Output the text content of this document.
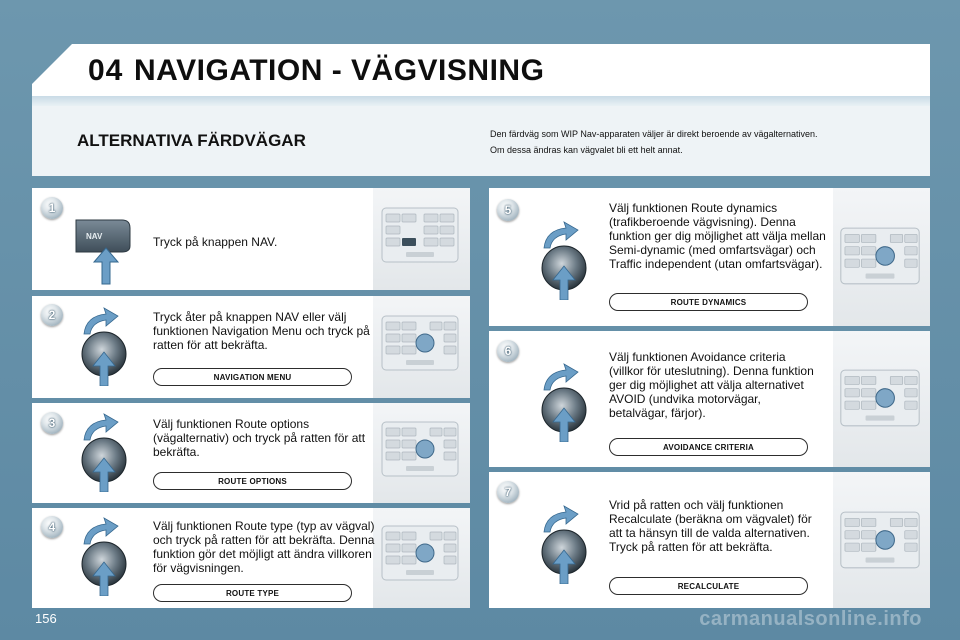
04 NAVIGATION - VÄGVISNING
ALTERNATIVA FÄRDVÄGAR	Den färdväg som WIP Nav-apparaten väljer är direkt beroende av vägalternativen.
Om dessa ändras kan vägvalet bli ett helt annat.
1
2
3
4
5
6
7
NAV	Tryck på knappen NAV.
Tryck åter på knappen NAV eller välj funktionen Navigation Menu och tryck på ratten för att bekräfta.
Välj funktionen Route options (vägalternativ) och tryck på ratten för att bekräfta.
Välj funktionen Route type (typ av vägval) och tryck på ratten för att bekräfta. Denna funktion gör det möjligt att ändra villkoren för vägvisningen.
Välj funktionen Route dynamics (trafikberoende vägvisning). Denna funktion ger dig möjlighet att välja mellan Semi-dynamic (med omfartsvägar) och Traffic independent (utan omfartsvägar).
Välj funktionen Avoidance criteria (villkor för uteslutning). Denna funktion ger dig möjlighet att välja alternativet AVOID (undvika motorvägar, betalvägar, färjor).
Vrid på ratten och välj funktionen Recalculate (beräkna om vägvalet) för att ta hänsyn till de valda alternativen. Tryck på ratten för att bekräfta.
NAVIGATION MENU
ROUTE OPTIONS
ROUTE TYPE
ROUTE DYNAMICS
AVOIDANCE CRITERIA
RECALCULATE
156	carmanualsonline.info
